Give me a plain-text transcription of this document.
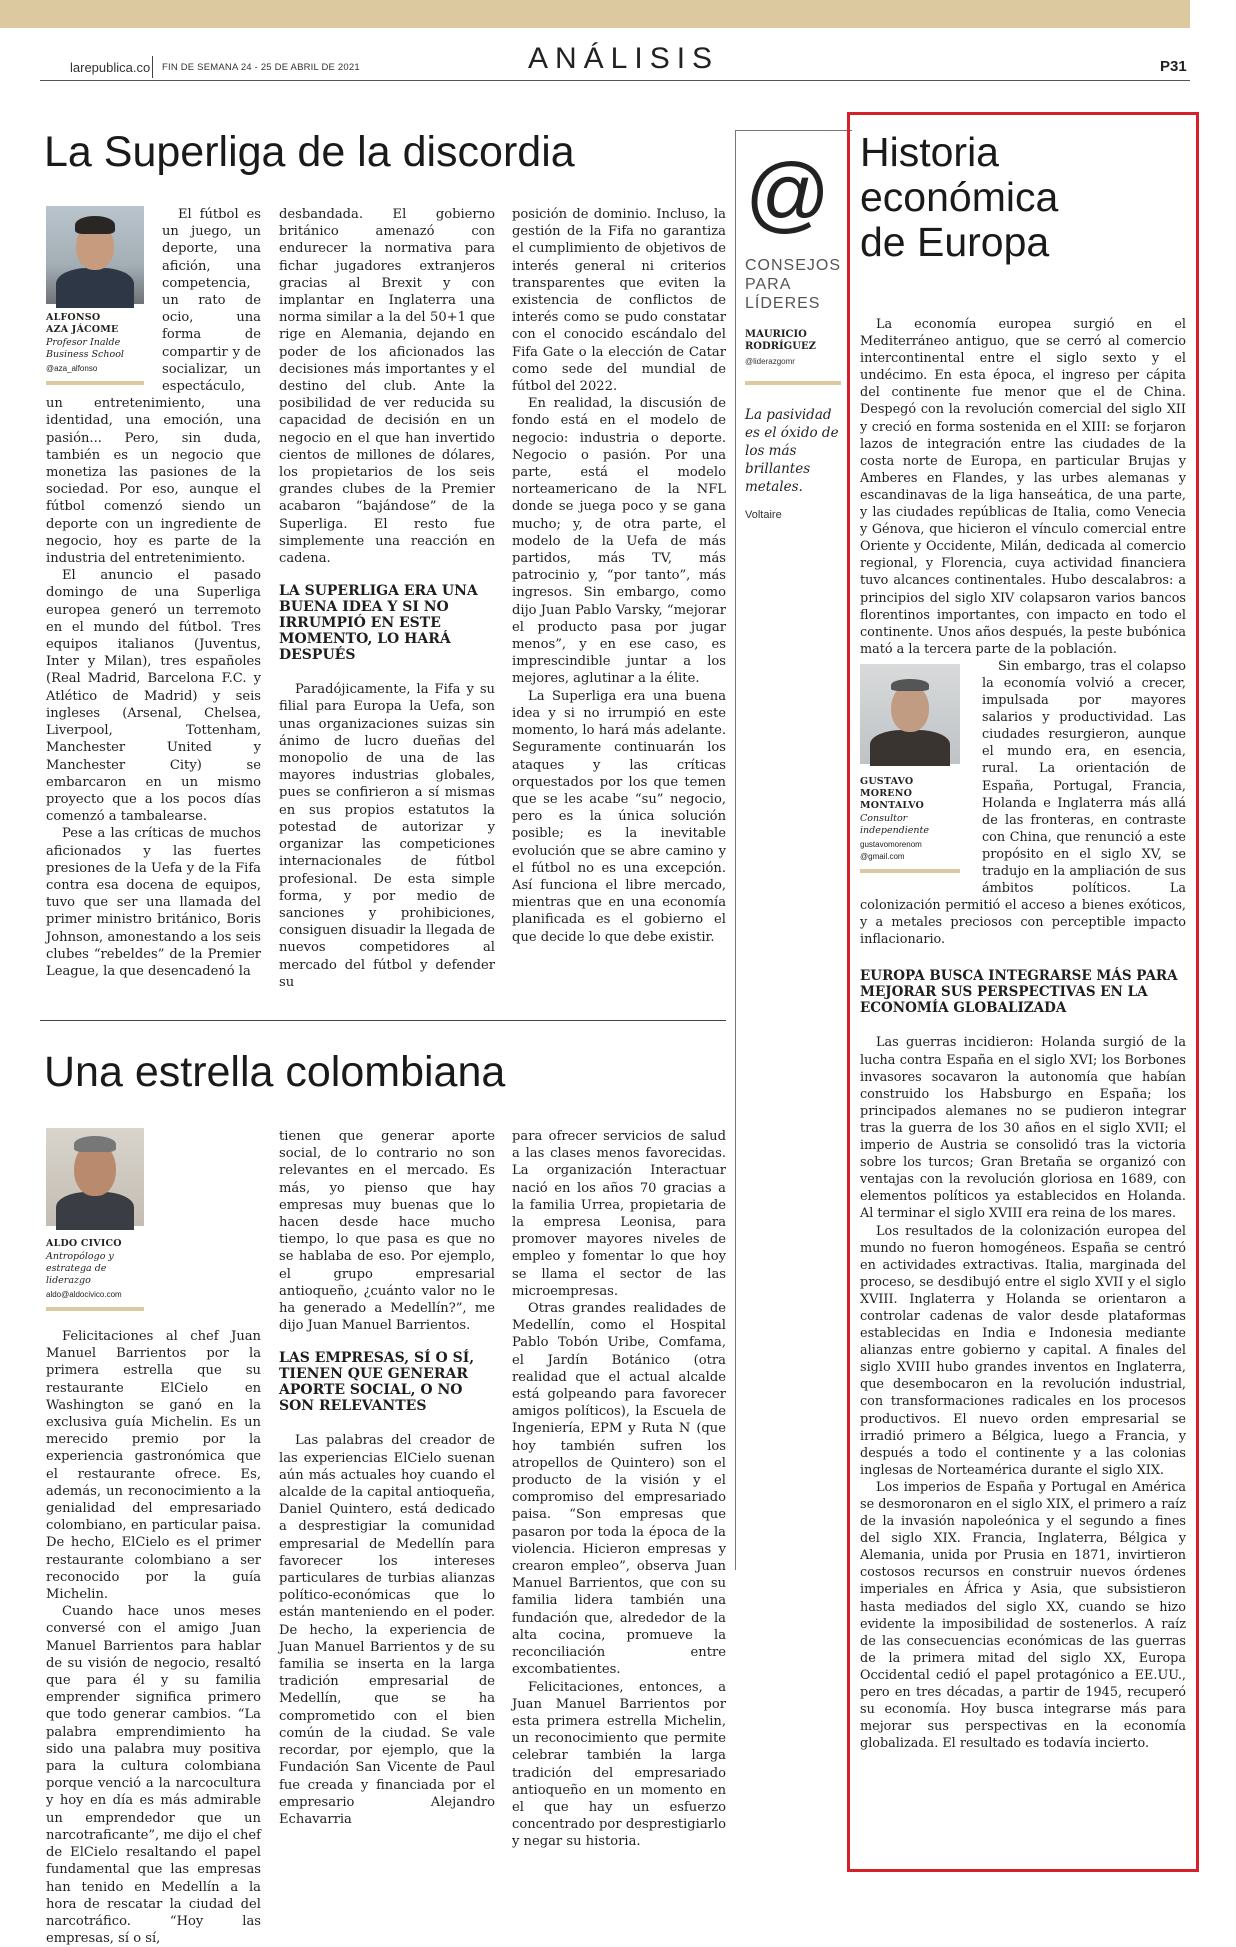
larepublica.co FIN DE SEMANA 24 - 25 DE ABRIL DE 2021	ANÁLISIS	P31
La Superliga de la discordia
ALFONSO
AZA JÁCOME
Profesor Inalde
Business School
@aza_alfonso

El fútbol es un juego, un deporte, una afición, una competencia, un rato de ocio, una forma de compartir y de socializar, un espectáculo, un entretenimiento, una identidad, una emoción, una pasión... Pero, sin duda, también es un negocio que monetiza las pasiones de la sociedad. Por eso, aunque el fútbol comenzó siendo un deporte con un ingrediente de negocio, hoy es parte de la industria del entretenimiento.

El anuncio el pasado domingo de una Superliga europea generó un terremoto en el mundo del fútbol. Tres equipos italianos (Juventus, Inter y Milan), tres españoles (Real Madrid, Barcelona F.C. y Atlético de Madrid) y seis ingleses (Arsenal, Chelsea, Liverpool, Tottenham, Manchester United y Manchester City) se embarcaron en un mismo proyecto que a los pocos días comenzó a tambalearse.

Pese a las críticas de muchos aficionados y las fuertes presiones de la Uefa y de la Fifa contra esa docena de equipos, tuvo que ser una llamada del primer ministro británico, Boris Johnson, amonestando a los seis clubes “rebeldes” de la Premier League, la que desencadenó la

desbandada. El gobierno británico amenazó con endurecer la normativa para fichar jugadores extranjeros gracias al Brexit y con implantar en Inglaterra una norma similar a la del 50+1 que rige en Alemania, dejando en poder de los aficionados las decisiones más importantes y el destino del club. Ante la posibilidad de ver reducida su capacidad de decisión en un negocio en el que han invertido cientos de millones de dólares, los propietarios de los seis grandes clubes de la Premier acabaron “bajándose” de la Superliga. El resto fue simplemente una reacción en cadena.

LA SUPERLIGA ERA UNA BUENA IDEA Y SI NO IRRUMPIÓ EN ESTE MOMENTO, LO HARÁ DESPUÉS

Paradójicamente, la Fifa y su filial para Europa la Uefa, son unas organizaciones suizas sin ánimo de lucro dueñas del monopolio de una de las mayores industrias globales, pues se confirieron a sí mismas en sus propios estatutos la potestad de autorizar y organizar las competiciones internacionales de fútbol profesional. De esta simple forma, y por medio de sanciones y prohibiciones, consiguen disuadir la llegada de nuevos competidores al mercado del fútbol y defender su

posición de dominio. Incluso, la gestión de la Fifa no garantiza el cumplimiento de objetivos de interés general ni criterios transparentes que eviten la existencia de conflictos de interés como se pudo constatar con el conocido escándalo del Fifa Gate o la elección de Catar como sede del mundial de fútbol del 2022.

En realidad, la discusión de fondo está en el modelo de negocio: industria o deporte. Negocio o pasión. Por una parte, está el modelo norteamericano de la NFL donde se juega poco y se gana mucho; y, de otra parte, el modelo de la Uefa de más partidos, más TV, más patrocinio y, “por tanto”, más ingresos. Sin embargo, como dijo Juan Pablo Varsky, “mejorar el producto pasa por jugar menos”, y en ese caso, es imprescindible juntar a los mejores, aglutinar a la élite.

La Superliga era una buena idea y si no irrumpió en este momento, lo hará más adelante. Seguramente continuarán los ataques y las críticas orquestados por los que temen que se les acabe “su” negocio, pero es la única solución posible; es la inevitable evolución que se abre camino y el fútbol no es una excepción. Así funciona el libre mercado, mientras que en una economía planificada es el gobierno el que decide lo que debe existir.

Una estrella colombiana
ALDO CIVICO
Antropólogo y
estratega de
liderazgo
aldo@aldocivico.com

Felicitaciones al chef Juan Manuel Barrientos por la primera estrella que su restaurante ElCielo en Washington se ganó en la exclusiva guía Michelin. Es un merecido premio por la experiencia gastronómica que el restaurante ofrece. Es, además, un reconocimiento a la genialidad del empresariado colombiano, en particular paisa. De hecho, ElCielo es el primer restaurante colombiano a ser reconocido por la guía Michelin.

Cuando hace unos meses conversé con el amigo Juan Manuel Barrientos para hablar de su visión de negocio, resaltó que para él y su familia emprender significa primero que todo generar cambios. “La palabra emprendimiento ha sido una palabra muy positiva para la cultura colombiana porque venció a la narcocultura y hoy en día es más admirable un emprendedor que un narcotraficante”, me dijo el chef de ElCielo resaltando el papel fundamental que las empresas han tenido en Medellín a la hora de rescatar la ciudad del narcotráfico. “Hoy las empresas, sí o sí,

tienen que generar aporte social, de lo contrario no son relevantes en el mercado. Es más, yo pienso que hay empresas muy buenas que lo hacen desde hace mucho tiempo, lo que pasa es que no se hablaba de eso. Por ejemplo, el grupo empresarial antioqueño, ¿cuánto valor no le ha generado a Medellín?”, me dijo Juan Manuel Barrientos.

LAS EMPRESAS, SÍ O SÍ, TIENEN QUE GENERAR APORTE SOCIAL, O NO SON RELEVANTES

Las palabras del creador de las experiencias ElCielo suenan aún más actuales hoy cuando el alcalde de la capital antioqueña, Daniel Quintero, está dedicado a desprestigiar la comunidad empresarial de Medellín para favorecer los intereses particulares de turbias alianzas político-económicas que lo están manteniendo en el poder. De hecho, la experiencia de Juan Manuel Barrientos y de su familia se inserta en la larga tradición empresarial de Medellín, que se ha comprometido con el bien común de la ciudad. Se vale recordar, por ejemplo, que la Fundación San Vicente de Paul fue creada y financiada por el empresario Alejandro Echavarria

para ofrecer servicios de salud a las clases menos favorecidas. La organización Interactuar nació en los años 70 gracias a la familia Urrea, propietaria de la empresa Leonisa, para promover mayores niveles de empleo y fomentar lo que hoy se llama el sector de las microempresas.

Otras grandes realidades de Medellín, como el Hospital Pablo Tobón Uribe, Comfama, el Jardín Botánico (otra realidad que el actual alcalde está golpeando para favorecer amigos políticos), la Escuela de Ingeniería, EPM y Ruta N (que hoy también sufren los atropellos de Quintero) son el producto de la visión y el compromiso del empresariado paisa. “Son empresas que pasaron por toda la época de la violencia. Hicieron empresas y crearon empleo”, observa Juan Manuel Barrientos, que con su familia lidera también una fundación que, alrededor de la alta cocina, promueve la reconciliación entre excombatientes.

Felicitaciones, entonces, a Juan Manuel Barrientos por esta primera estrella Michelin, un reconocimiento que permite celebrar también la larga tradición del empresariado antioqueño en un momento en el que hay un esfuerzo concentrado por desprestigiarlo y negar su historia.

@
CONSEJOS
PARA
LÍDERES
MAURICIO
RODRÍGUEZ
@liderazgomr
La pasividad es el óxido de los más brillantes metales.
Voltaire
Historia
económica
de Europa

La economía europea surgió en el Mediterráneo antiguo, que se cerró al comercio intercontinental entre el siglo sexto y el undécimo. En esta época, el ingreso per cápita del continente fue menor que el de China. Despegó con la revolución comercial del siglo XII y creció en forma sostenida en el XIII: se forjaron lazos de integración entre las ciudades de la costa norte de Europa, en particular Brujas y Amberes en Flandes, y las urbes alemanas y escandinavas de la liga hanseática, de una parte, y las ciudades repúblicas de Italia, como Venecia y Génova, que hicieron el vínculo comercial entre Oriente y Occidente, Milán, dedicada al comercio regional, y Florencia, cuya actividad financiera tuvo alcances continentales. Hubo descalabros: a principios del siglo XIV colapsaron varios bancos florentinos importantes, con impacto en todo el continente. Unos años después, la peste bubónica mató a la tercera parte de la población.

GUSTAVO
MORENO
MONTALVO
Consultor
independiente
gustavomorenom
@gmail.com

Sin embargo, tras el colapso la economía volvió a crecer, impulsada por mayores salarios y productividad. Las ciudades resurgieron, aunque el mundo era, en esencia, rural. La orientación de España, Portugal, Francia, Holanda e Inglaterra más allá de las fronteras, en contraste con China, que renunció a este propósito en el siglo XV, se tradujo en la ampliación de sus ámbitos políticos. La colonización permitió el acceso a bienes exóticos, y a metales preciosos con perceptible impacto inflacionario.

EUROPA BUSCA INTEGRARSE MÁS PARA MEJORAR SUS PERSPECTIVAS EN LA ECONOMÍA GLOBALIZADA

Las guerras incidieron: Holanda surgió de la lucha contra España en el siglo XVI; los Borbones invasores socavaron la autonomía que habían construido los Habsburgo en España; los principados alemanes no se pudieron integrar tras la guerra de los 30 años en el siglo XVII; el imperio de Austria se consolidó tras la victoria sobre los turcos; Gran Bretaña se organizó con ventajas con la revolución gloriosa en 1689, con elementos políticos ya establecidos en Holanda. Al terminar el siglo XVIII era reina de los mares.

Los resultados de la colonización europea del mundo no fueron homogéneos. España se centró en actividades extractivas. Italia, marginada del proceso, se desdibujó entre el siglo XVII y el siglo XVIII. Inglaterra y Holanda se orientaron a controlar cadenas de valor desde plataformas establecidas en India e Indonesia mediante alianzas entre gobierno y capital. A finales del siglo XVIII hubo grandes inventos en Inglaterra, que desembocaron en la revolución industrial, con transformaciones radicales en los procesos productivos. El nuevo orden empresarial se irradió primero a Bélgica, luego a Francia, y después a todo el continente y a las colonias inglesas de Norteamérica durante el siglo XIX.

Los imperios de España y Portugal en América se desmoronaron en el siglo XIX, el primero a raíz de la invasión napoleónica y el segundo a fines del siglo XIX. Francia, Inglaterra, Bélgica y Alemania, unida por Prusia en 1871, invirtieron costosos recursos en construir nuevos órdenes imperiales en África y Asia, que subsistieron hasta mediados del siglo XX, cuando se hizo evidente la imposibilidad de sostenerlos. A raíz de las consecuencias económicas de las guerras de la primera mitad del siglo XX, Europa Occidental cedió el papel protagónico a EE.UU., pero en tres décadas, a partir de 1945, recuperó su economía. Hoy busca integrarse más para mejorar sus perspectivas en la economía globalizada. El resultado es todavía incierto.
